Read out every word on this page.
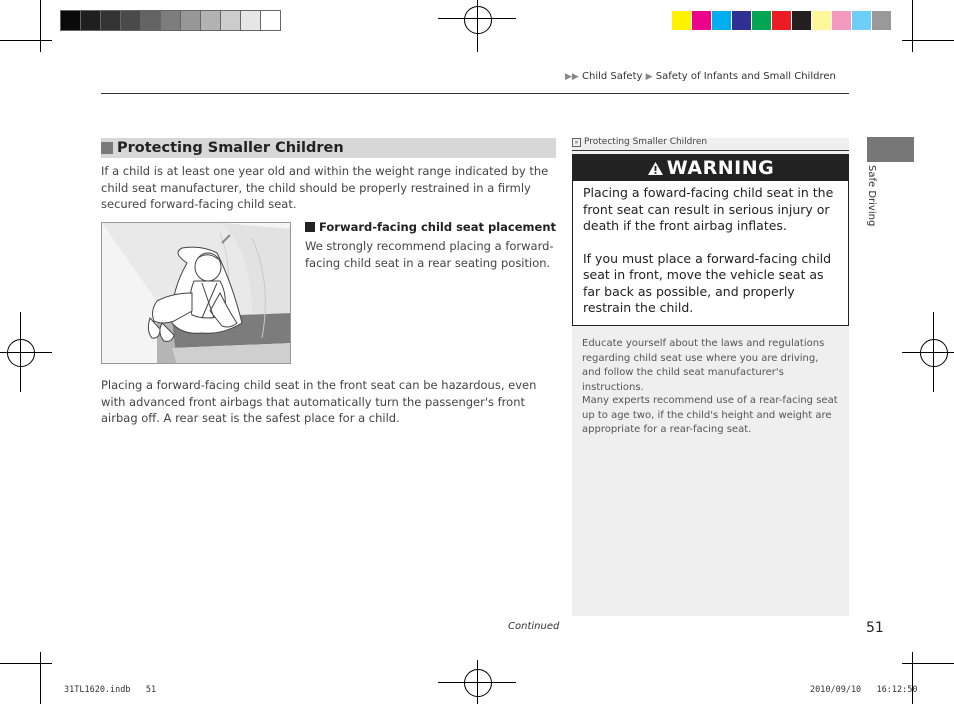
▶▶ Child Safety ▶ Safety of Infants and Small Children
Protecting Smaller Children
If a child is at least one year old and within the weight range indicated by the child seat manufacturer, the child should be properly restrained in a firmly secured forward-facing child seat.
Forward-facing child seat placement
We strongly recommend placing a forward-facing child seat in a rear seating position.
Placing a forward-facing child seat in the front seat can be hazardous, even with advanced front airbags that automatically turn the passenger's front airbag off. A rear seat is the safest place for a child.
Continued
» Protecting Smaller Children
WARNING

Placing a foward-facing child seat in the front seat can result in serious injury or death if the front airbag inflates.

If you must place a forward-facing child seat in front, move the vehicle seat as far back as possible, and properly restrain the child.

Educate yourself about the laws and regulations regarding child seat use where you are driving, and follow the child seat manufacturer's instructions.
Many experts recommend use of a rear-facing seat up to age two, if the child's height and weight are appropriate for a rear-facing seat.
Safe Driving
51
31TL1620.indb   51	2010/09/10   16:12:50
